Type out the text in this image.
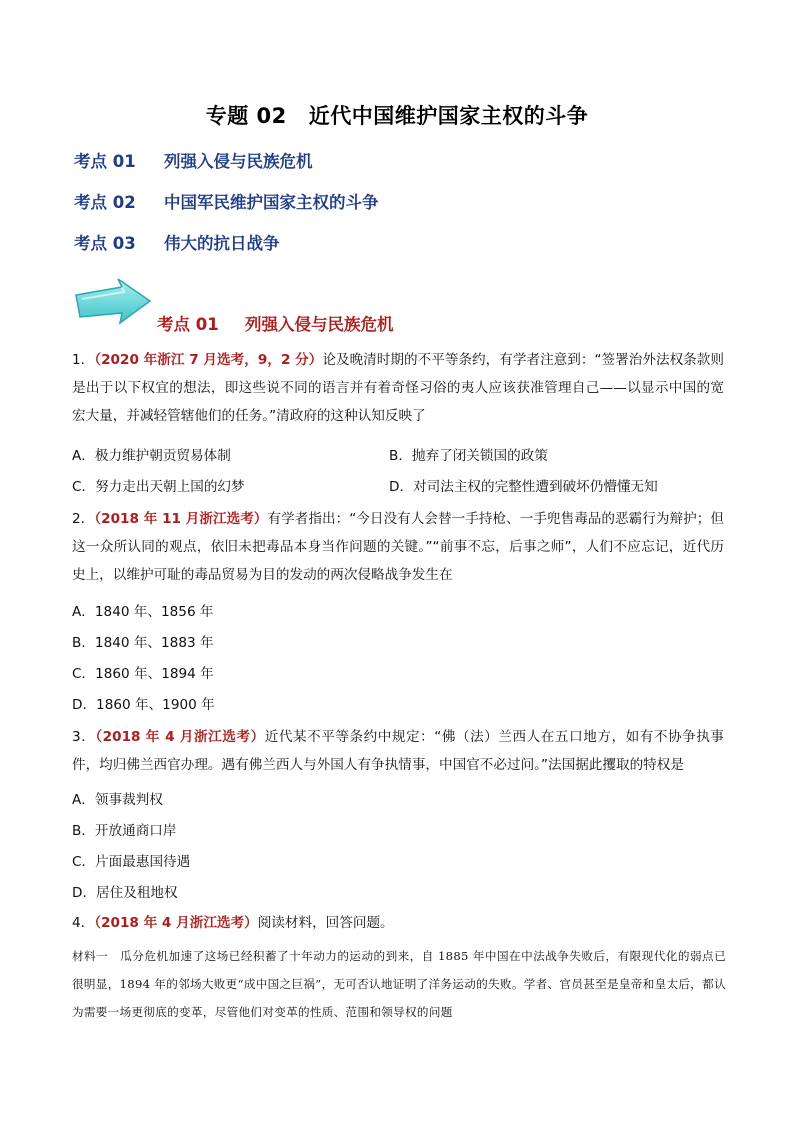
专题 02 近代中国维护国家主权的斗争
考点 01 列强入侵与民族危机
考点 02 中国军民维护国家主权的斗争
考点 03 伟大的抗日战争
考点 01 列强入侵与民族危机
1．（2020 年浙江 7 月选考，9，2 分）论及晚清时期的不平等条约，有学者注意到：“签署治外法权条款则是出于以下权宜的想法，即这些说不同的语言并有着奇怪习俗的夷人应该获准管理自己——以显示中国的宽宏大量，并减轻管辖他们的任务。”清政府的这种认知反映了
A．极力维护朝贡贸易体制	B．抛弃了闭关锁国的政策
C．努力走出天朝上国的幻梦	D．对司法主权的完整性遭到破坏仍懵懂无知
2．（2018 年 11 月浙江选考）有学者指出：“今日没有人会替一手持枪、一手兜售毒品的恶霸行为辩护；但这一众所认同的观点，依旧未把毒品本身当作问题的关键。”“前事不忘，后事之师”，人们不应忘记，近代历史上，以维护可耻的毒品贸易为目的发动的两次侵略战争发生在
A．1840 年、1856 年
B．1840 年、1883 年
C．1860 年、1894 年
D．1860 年、1900 年
3．（2018 年 4 月浙江选考）近代某不平等条约中规定：“佛（法）兰西人在五口地方，如有不协争执事件，均归佛兰西官办理。遇有佛兰西人与外国人有争执情事，中国官不必过问。”法国据此攫取的特权是
A．领事裁判权
B．开放通商口岸
C．片面最惠国待遇
D．居住及租地权
4．（2018 年 4 月浙江选考）阅读材料，回答问题。
材料一　瓜分危机加速了这场已经积蓄了十年动力的运动的到来，自 1885 年中国在中法战争失败后，有限现代化的弱点已很明显，1894 年的邻场大败更“成中国之巨祸”，无可否认地证明了洋务运动的失败。学者、官员甚至是皇帝和皇太后，都认为需要一场更彻底的变革，尽管他们对变革的性质、范围和领导权的问题
